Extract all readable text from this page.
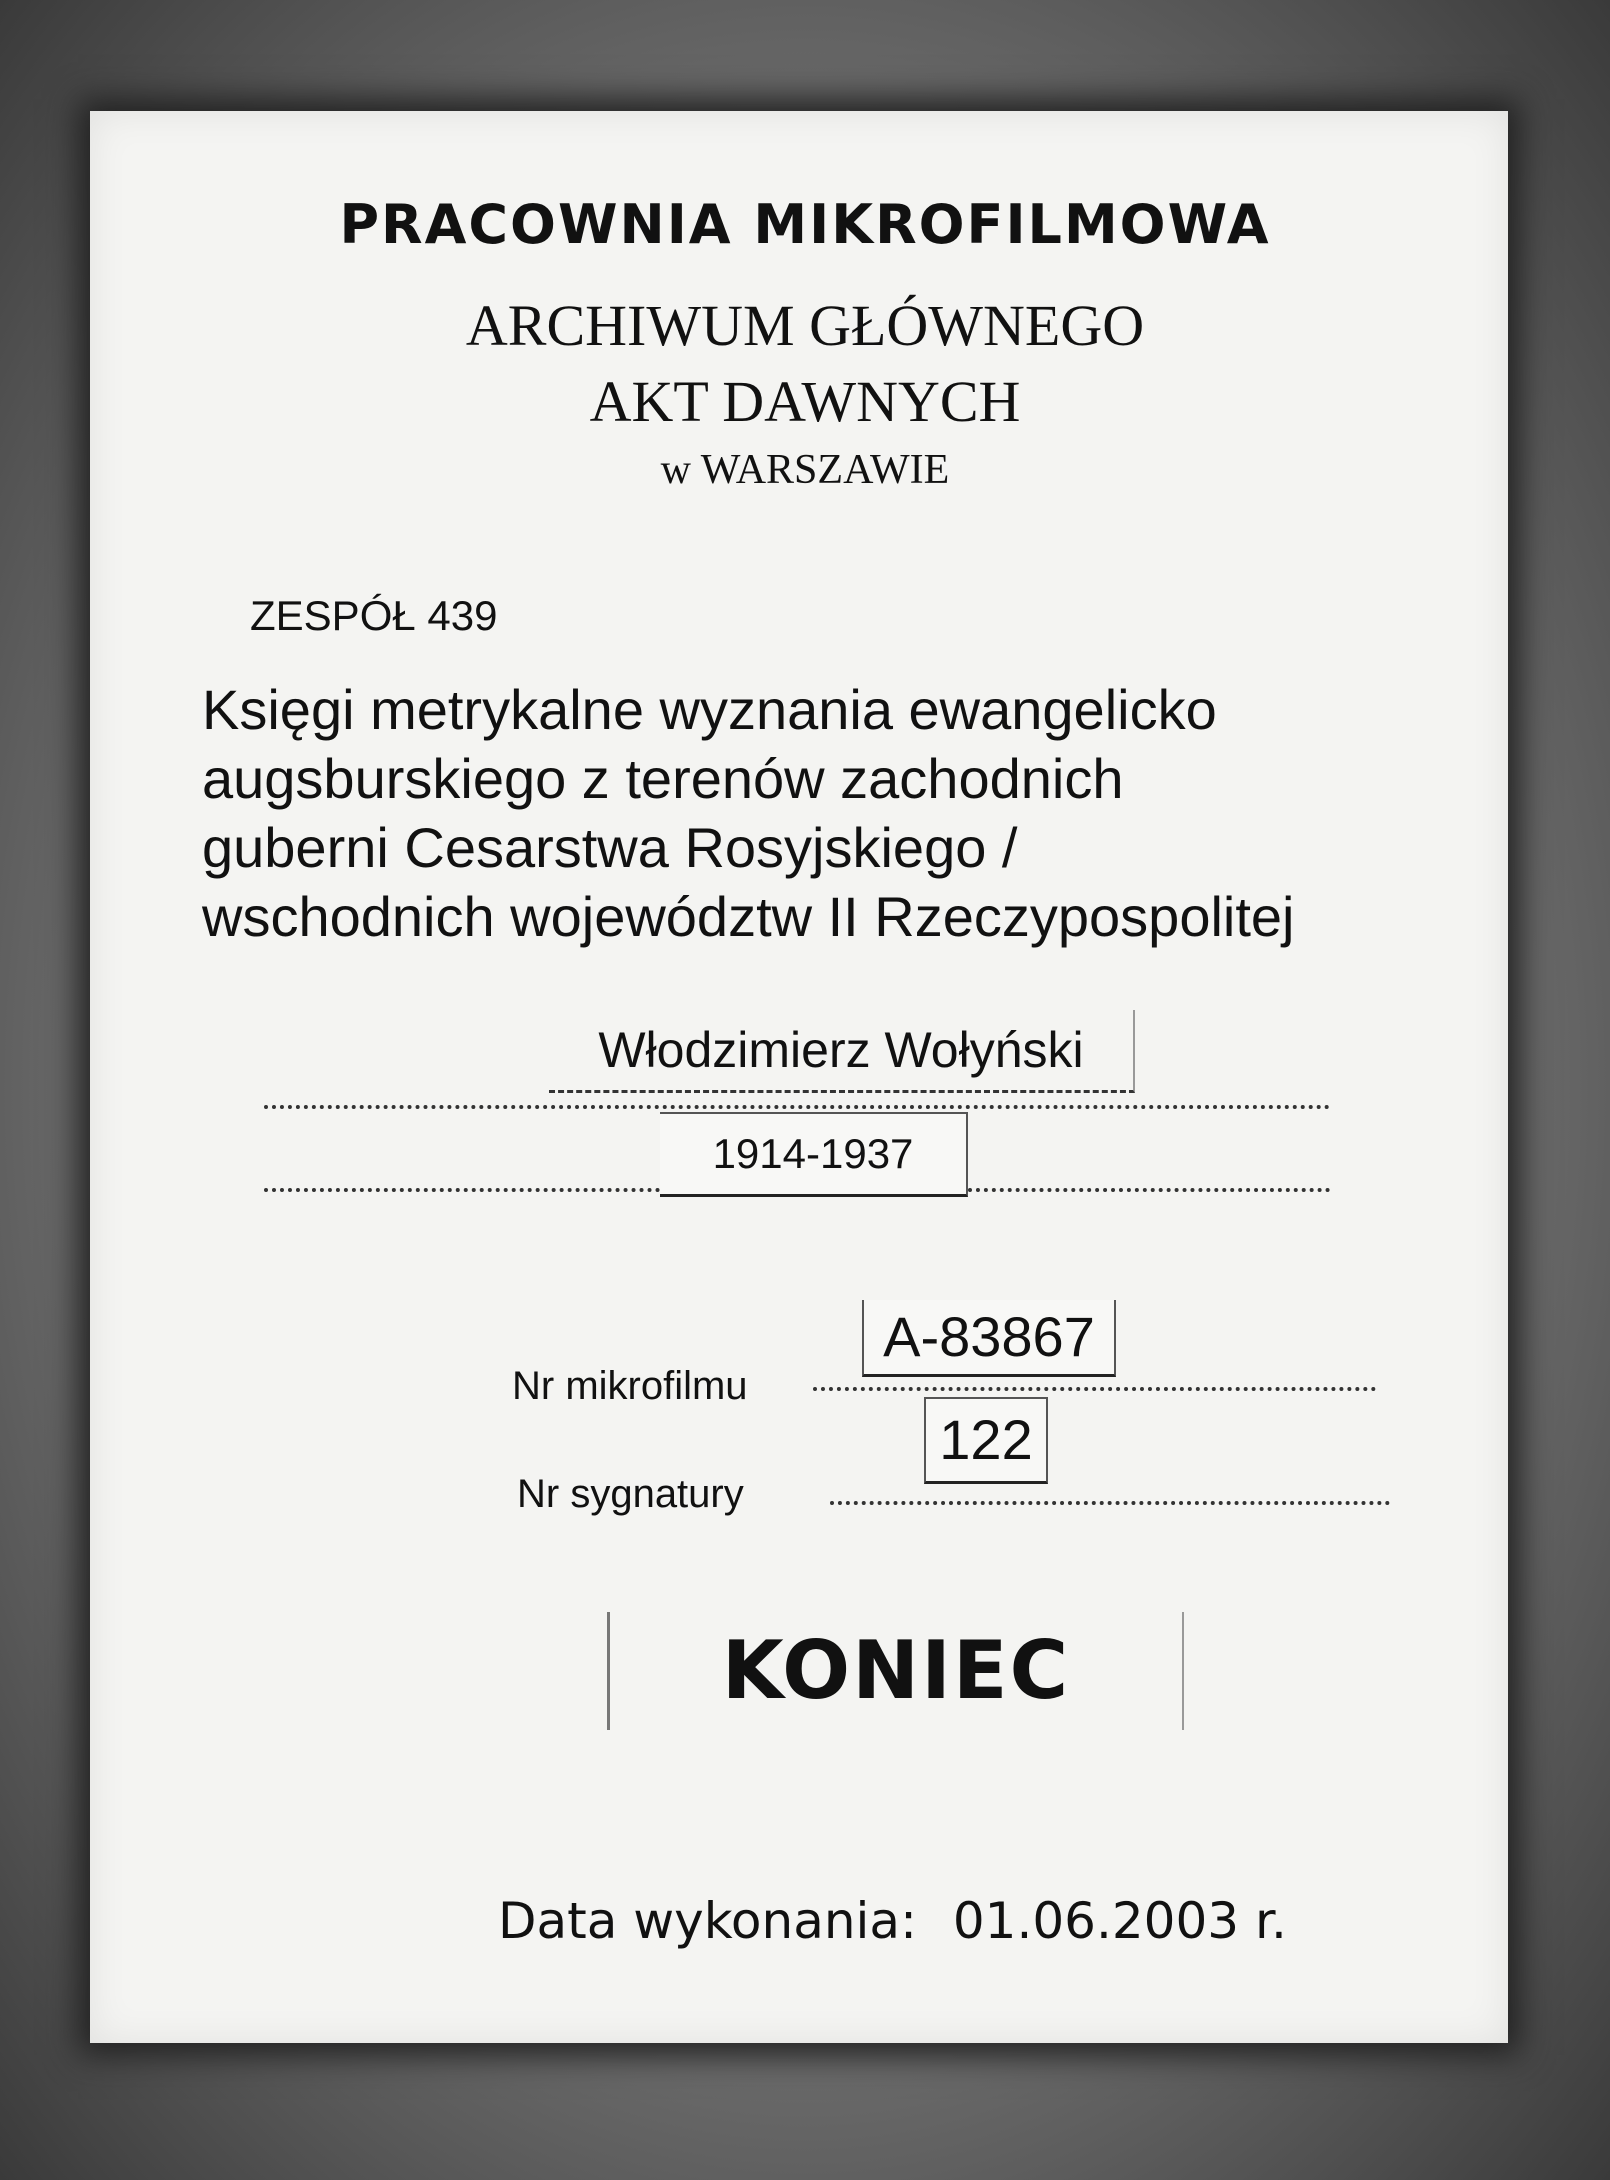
PRACOWNIA MIKROFILMOWA
ARCHIWUM GŁÓWNEGO
AKT DAWNYCH
w WARSZAWIE
ZESPÓŁ 439
Księgi metrykalne wyznania ewangelicko
augsburskiego z terenów zachodnich
guberni Cesarstwa Rosyjskiego /
wschodnich województw II Rzeczypospolitej
Włodzimierz Wołyński
1914-1937
A-83867
Nr mikrofilmu
122
Nr sygnatury
KONIEC
Data wykonania: 01.06.2003 r.
